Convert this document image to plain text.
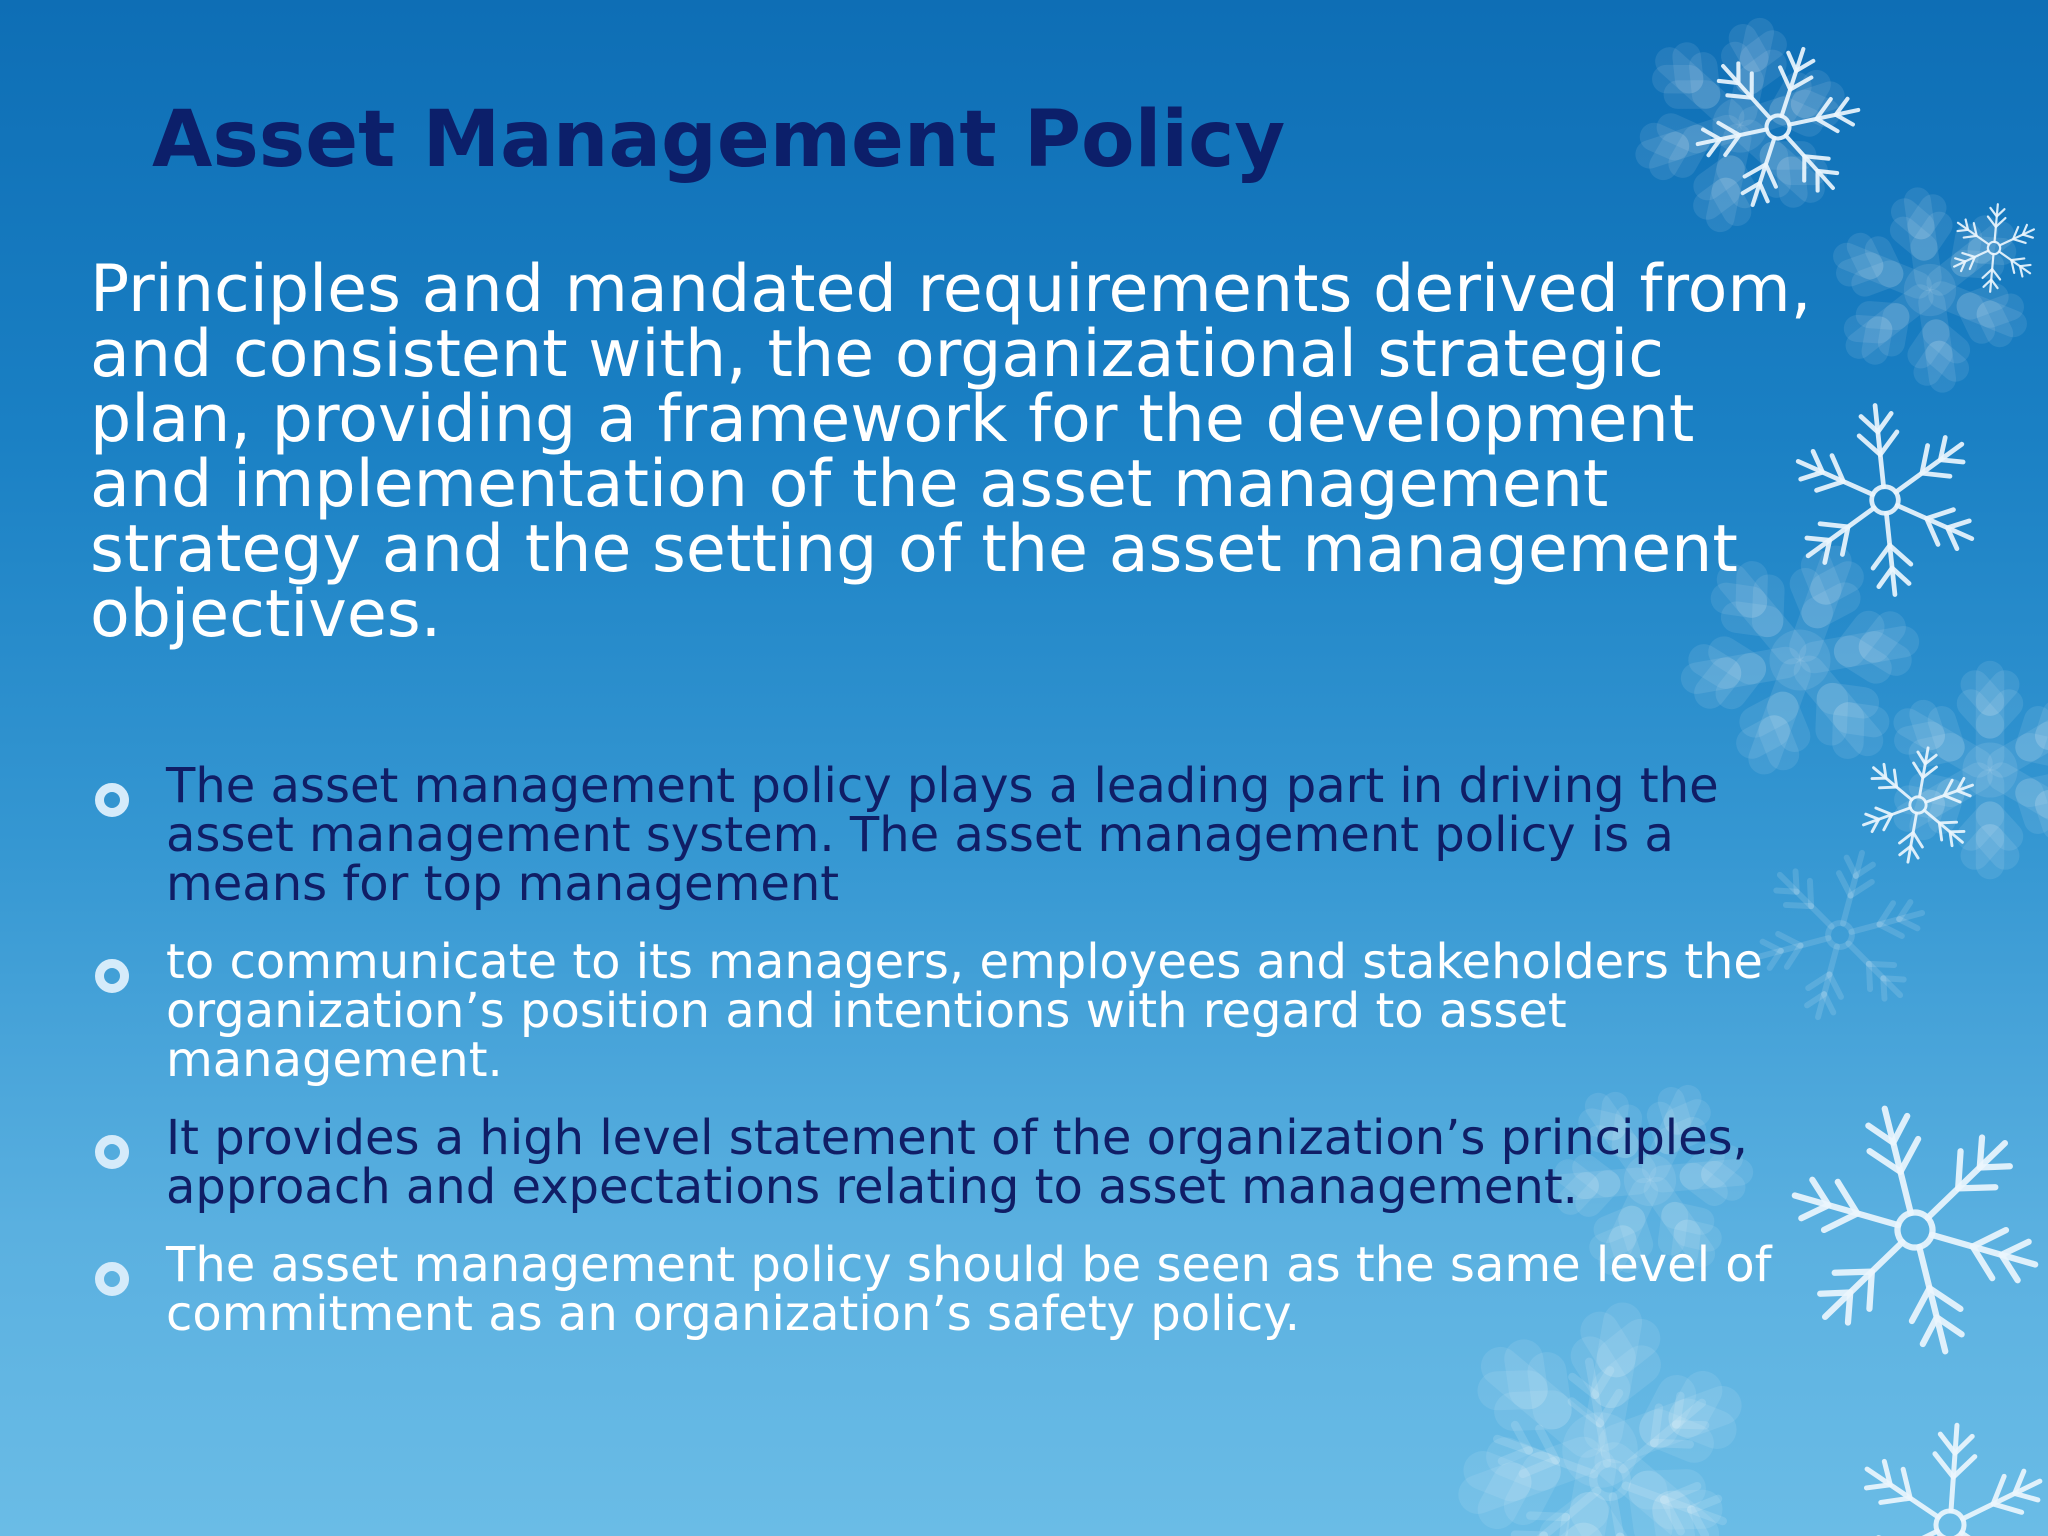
Asset Management Policy

Principles and mandated requirements derived from,
and consistent with, the organizational strategic
plan, providing a framework for the development
and implementation of the asset management
strategy and the setting of the asset management
objectives.

The asset management policy plays a leading part in driving the
asset management system. The asset management policy is a
means for top management
to communicate to its managers, employees and stakeholders the
organization’s position and intentions with regard to asset
management.
It provides a high level statement of the organization’s principles,
approach and expectations relating to asset management.
The asset management policy should be seen as the same level of
commitment as an organization’s safety policy.
